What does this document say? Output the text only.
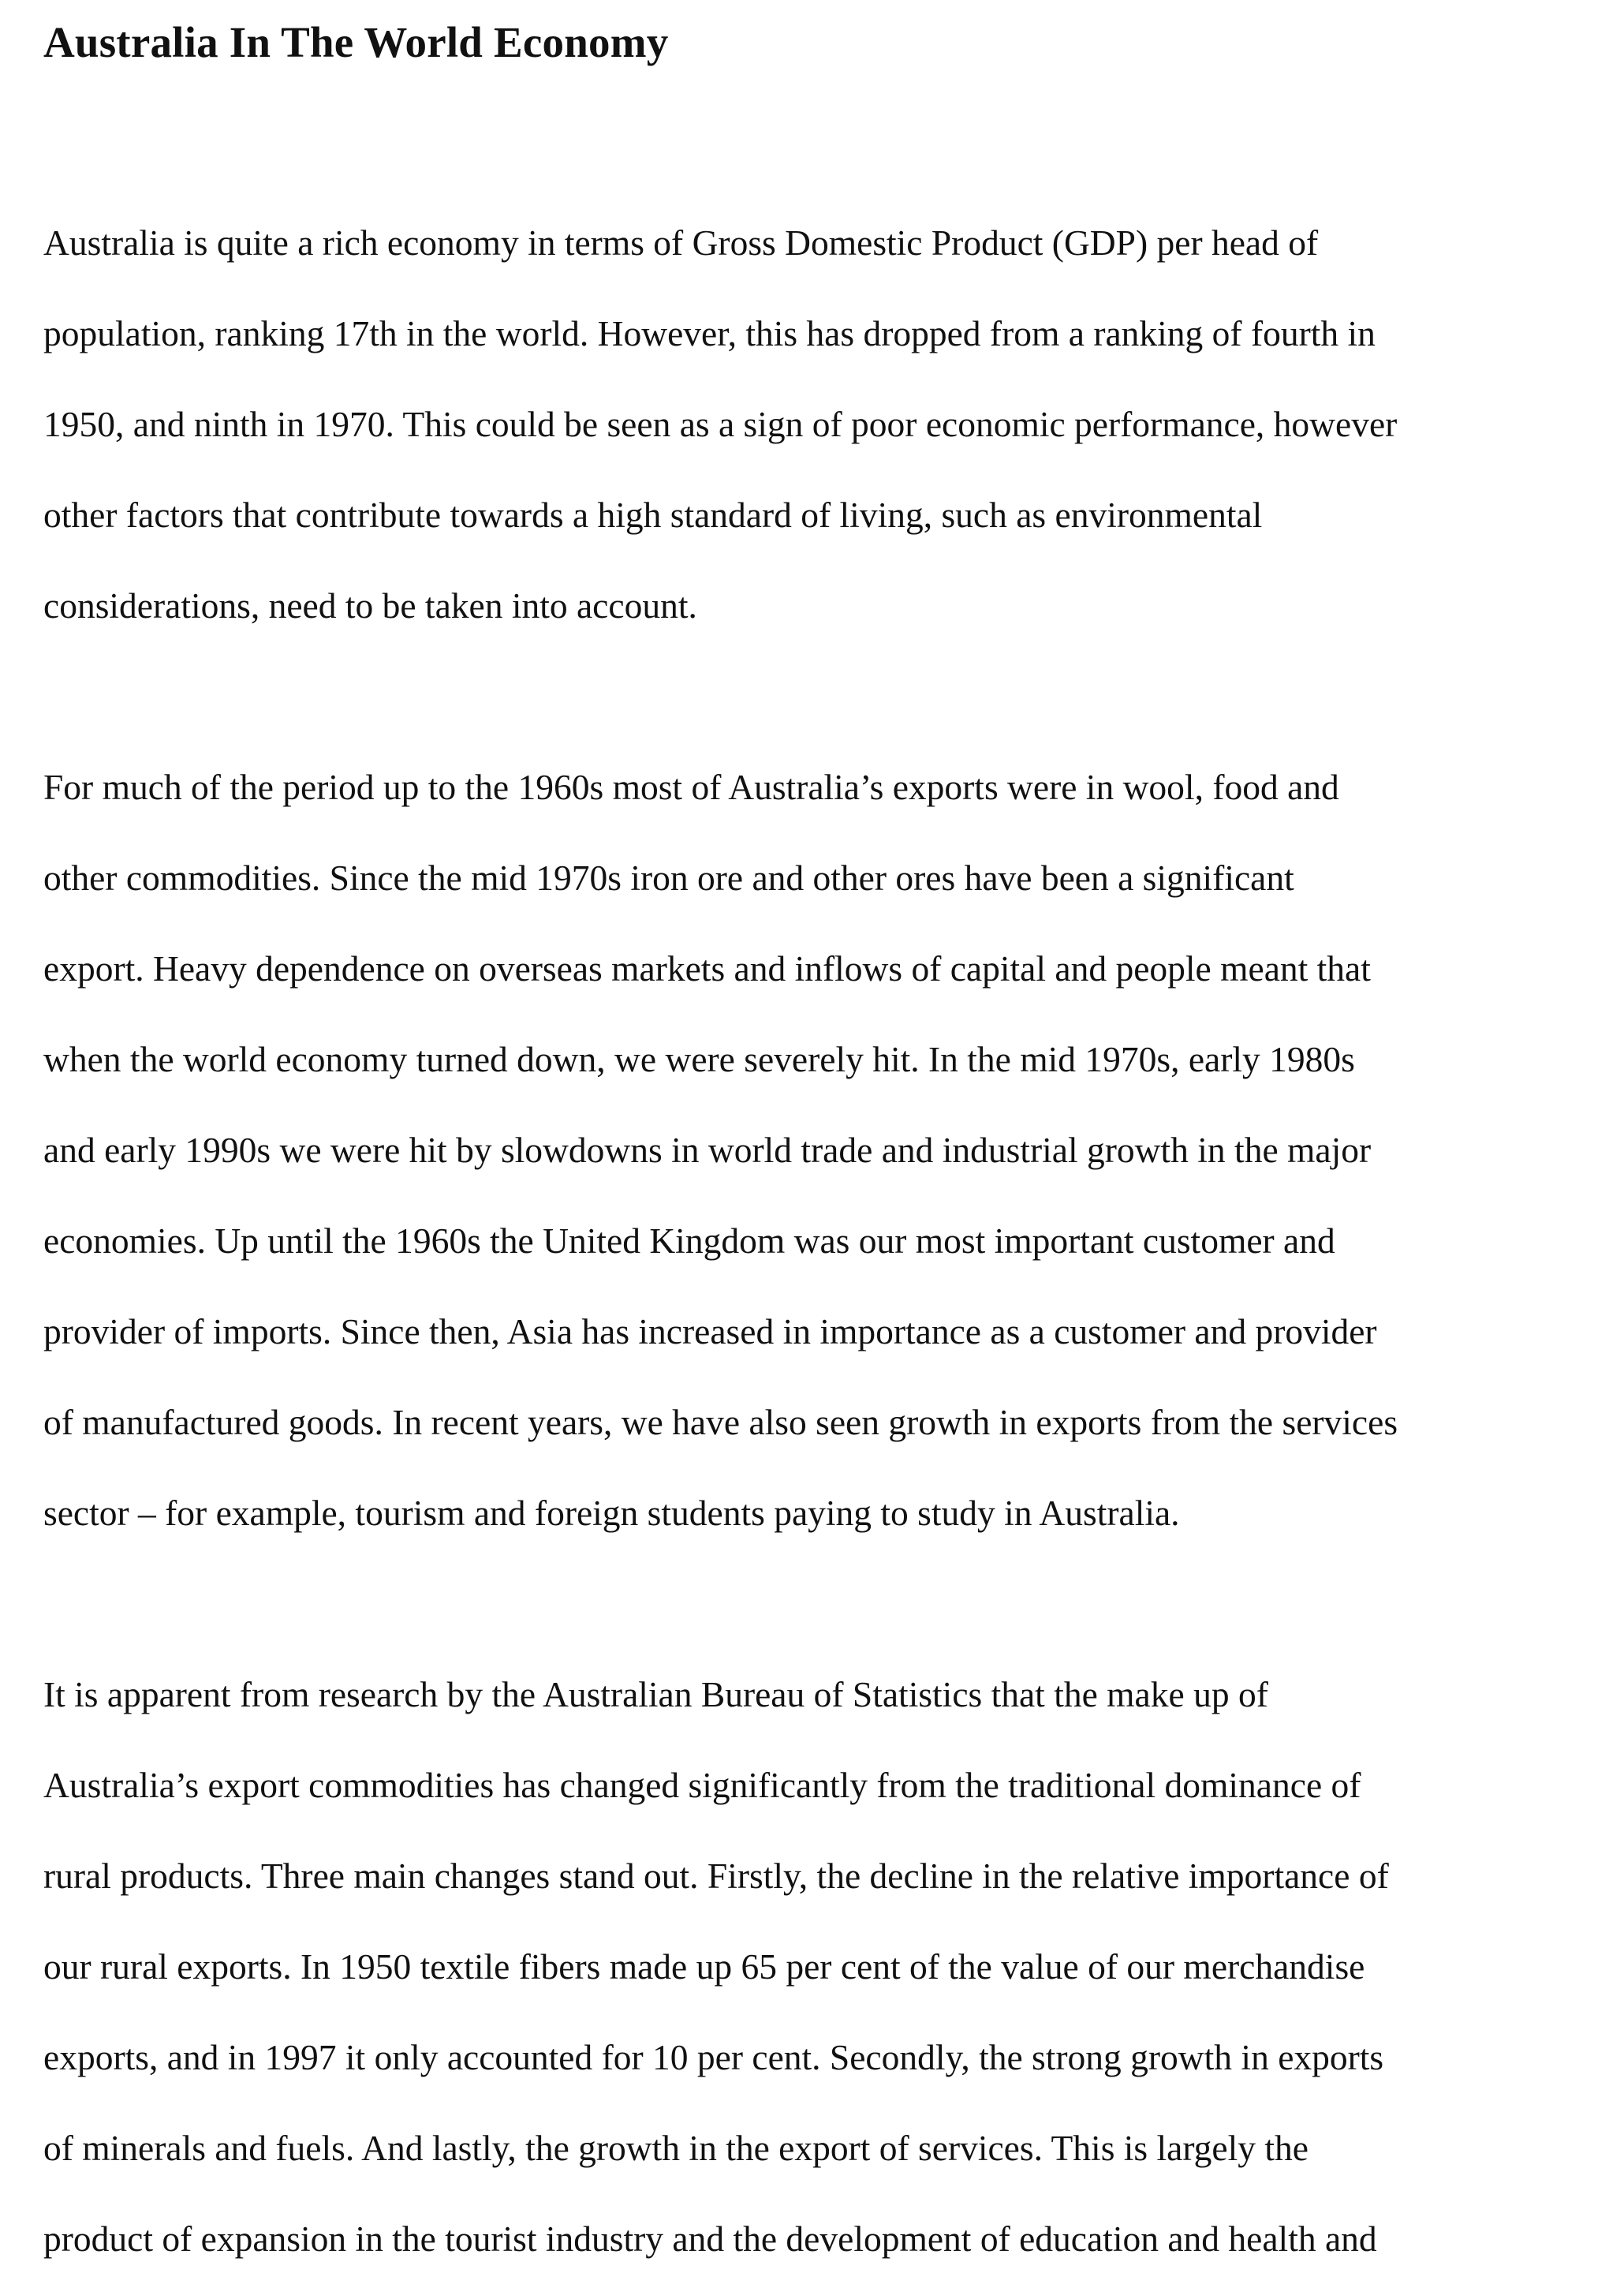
Australia In The World Economy

Australia is quite a rich economy in terms of Gross Domestic Product (GDP) per head of
population, ranking 17th in the world. However, this has dropped from a ranking of fourth in
1950, and ninth in 1970. This could be seen as a sign of poor economic performance, however
other factors that contribute towards a high standard of living, such as environmental
considerations, need to be taken into account.

For much of the period up to the 1960s most of Australia’s exports were in wool, food and
other commodities. Since the mid 1970s iron ore and other ores have been a significant
export. Heavy dependence on overseas markets and inflows of capital and people meant that
when the world economy turned down, we were severely hit. In the mid 1970s, early 1980s
and early 1990s we were hit by slowdowns in world trade and industrial growth in the major
economies. Up until the 1960s the United Kingdom was our most important customer and
provider of imports. Since then, Asia has increased in importance as a customer and provider
of manufactured goods. In recent years, we have also seen growth in exports from the services
sector – for example, tourism and foreign students paying to study in Australia.

It is apparent from research by the Australian Bureau of Statistics that the make up of
Australia’s export commodities has changed significantly from the traditional dominance of
rural products. Three main changes stand out. Firstly, the decline in the relative importance of
our rural exports. In 1950 textile fibers made up 65 per cent of the value of our merchandise
exports, and in 1997 it only accounted for 10 per cent. Secondly, the strong growth in exports
of minerals and fuels. And lastly, the growth in the export of services. This is largely the
product of expansion in the tourist industry and the development of education and health and
